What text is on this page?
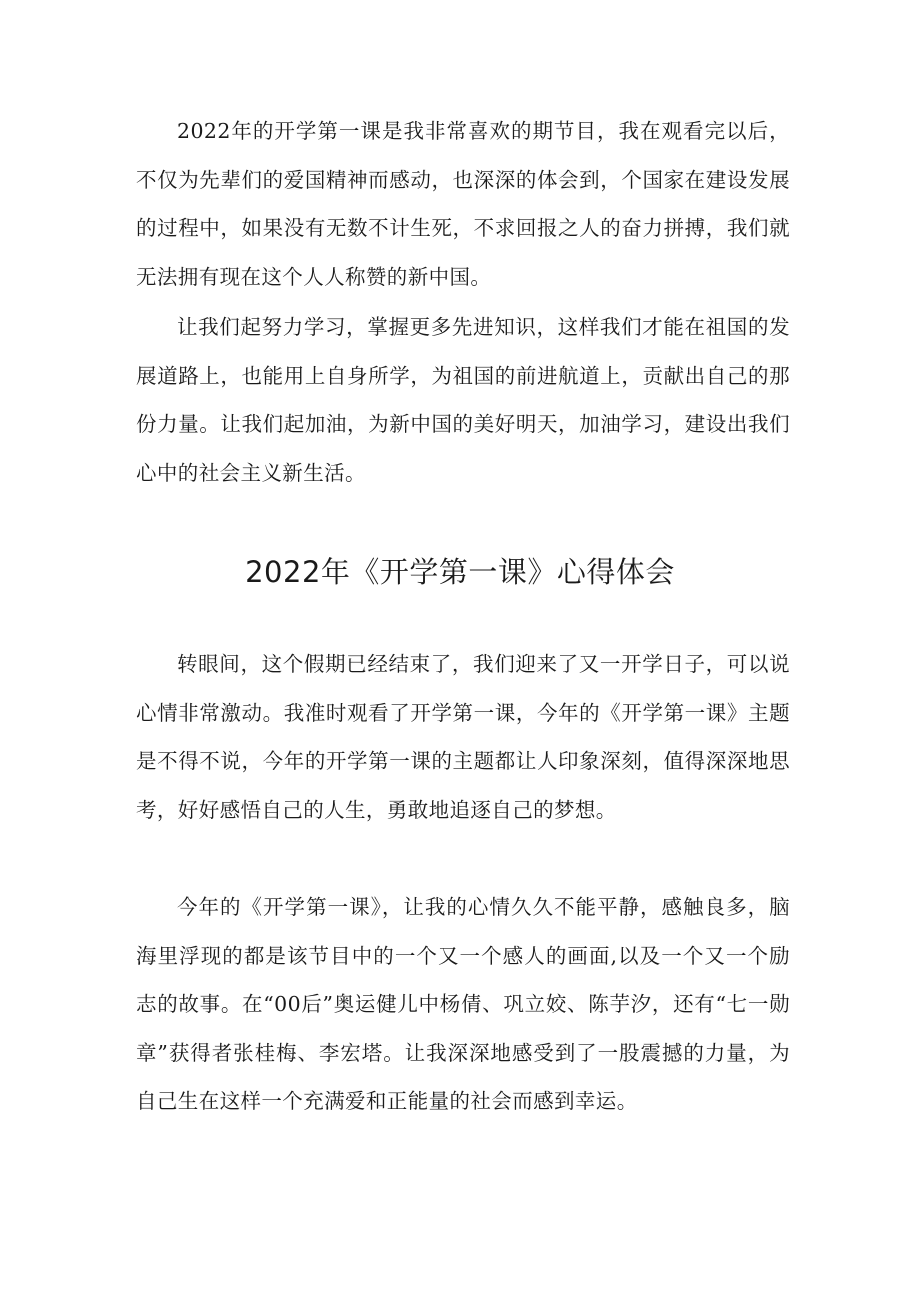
2022年的开学第一课是我非常喜欢的期节目，我在观看完以后，不仅为先辈们的爱国精神而感动，也深深的体会到，个国家在建设发展的过程中，如果没有无数不计生死，不求回报之人的奋力拼搏，我们就无法拥有现在这个人人称赞的新中国。

让我们起努力学习，掌握更多先进知识，这样我们才能在祖国的发展道路上，也能用上自身所学，为祖国的前进航道上，贡献出自己的那份力量。让我们起加油，为新中国的美好明天，加油学习，建设出我们心中的社会主义新生活。

2022年《开学第一课》心得体会

转眼间，这个假期已经结束了，我们迎来了又一开学日子，可以说心情非常激动。我准时观看了开学第一课，今年的《开学第一课》主题是不得不说，今年的开学第一课的主题都让人印象深刻，值得深深地思考，好好感悟自己的人生，勇敢地追逐自己的梦想。

今年的《开学第一课》，让我的心情久久不能平静，感触良多，脑海里浮现的都是该节目中的一个又一个感人的画面,以及一个又一个励志的故事。在“00后”奥运健儿中杨倩、巩立姣、陈芋汐，还有“七一勋章”获得者张桂梅、李宏塔。让我深深地感受到了一股震撼的力量，为自己生在这样一个充满爱和正能量的社会而感到幸运。
